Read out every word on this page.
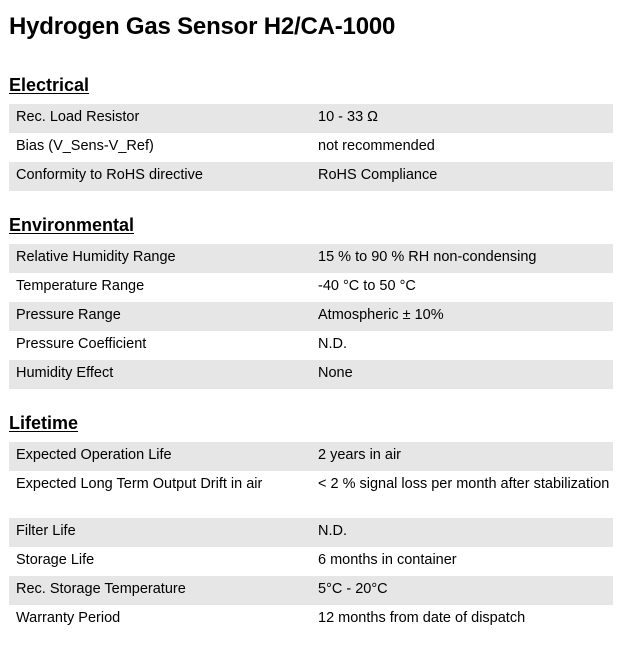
Hydrogen Gas Sensor H2/CA-1000
Electrical
Rec. Load Resistor	10 - 33 Ω
Bias (V_Sens-V_Ref)	not recommended
Conformity to RoHS directive	RoHS Compliance
Environmental
Relative Humidity Range	15 % to 90 % RH non-condensing
Temperature Range	-40 °C to 50 °C
Pressure Range	Atmospheric ± 10%
Pressure Coefficient	N.D.
Humidity Effect	None
Lifetime
Expected Operation Life	2 years in air
Expected Long Term Output Drift in air	< 2 % signal loss per month after stabilization
Filter Life	N.D.
Storage Life	6 months in container
Rec. Storage Temperature	5°C - 20°C
Warranty Period	12 months from date of dispatch
